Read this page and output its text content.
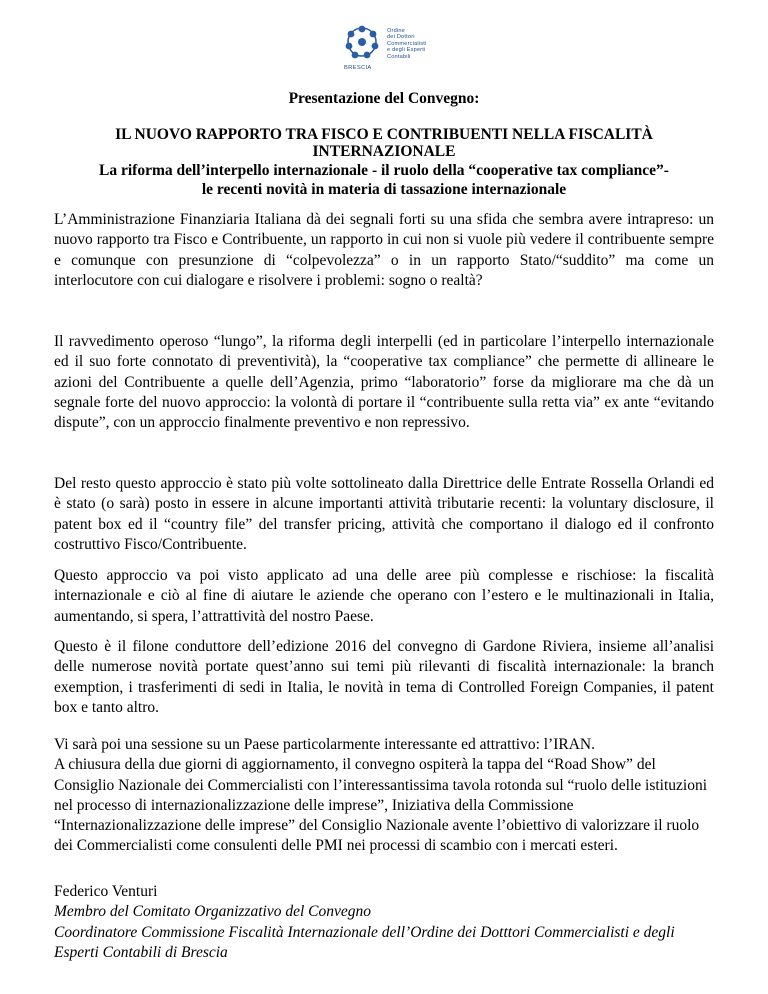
Ordine
dei Dottori
Commercialisti
e degli Esperti
Contabili
BRESCIA
Presentazione del Convegno:
IL NUOVO RAPPORTO TRA FISCO E CONTRIBUENTI NELLA FISCALITÀ INTERNAZIONALE
La riforma dell’interpello internazionale - il ruolo della “cooperative tax compliance”-
le recenti novità in materia di tassazione internazionale

L’Amministrazione Finanziaria Italiana dà dei segnali forti su una sfida che sembra avere intrapreso: un nuovo rapporto tra Fisco e Contribuente, un rapporto in cui non si vuole più vedere il contribuente sempre e comunque con presunzione di “colpevolezza” o in un rapporto Stato/“suddito” ma come un interlocutore con cui dialogare e risolvere i problemi: sogno o realtà?

Il ravvedimento operoso “lungo”, la riforma degli interpelli (ed in particolare l’interpello internazionale ed il suo forte connotato di preventività), la “cooperative tax compliance” che permette di allineare le azioni del Contribuente a quelle dell’Agenzia, primo “laboratorio” forse da migliorare ma che dà un segnale forte del nuovo approccio: la volontà di portare il “contribuente sulla retta via” ex ante “evitando dispute”, con un approccio finalmente preventivo e non repressivo.

Del resto questo approccio è stato più volte sottolineato dalla Direttrice delle Entrate Rossella Orlandi ed è stato (o sarà) posto in essere in alcune importanti attività tributarie recenti: la voluntary disclosure, il patent box ed il “country file” del transfer pricing, attività che comportano il dialogo ed il confronto costruttivo Fisco/Contribuente.

Questo approccio va poi visto applicato ad una delle aree più complesse e rischiose: la fiscalità internazionale e ciò al fine di aiutare le aziende che operano con l’estero e le multinazionali in Italia, aumentando, si spera, l’attrattività del nostro Paese.

Questo è il filone conduttore dell’edizione 2016 del convegno di Gardone Riviera, insieme all’analisi delle numerose novità portate quest’anno sui temi più rilevanti di fiscalità internazionale: la branch exemption, i trasferimenti di sedi in Italia, le novità in tema di Controlled Foreign Companies, il patent box e tanto altro.

Vi sarà poi una sessione su un Paese particolarmente interessante ed attrattivo: l’IRAN.

A chiusura della due giorni di aggiornamento, il convegno ospiterà la tappa del “Road Show” del Consiglio Nazionale dei Commercialisti con l’interessantissima tavola rotonda sul “ruolo delle istituzioni nel processo di internazionalizzazione delle imprese”, Iniziativa della Commissione “Internazionalizzazione delle imprese” del Consiglio Nazionale avente l’obiettivo di valorizzare il ruolo dei Commercialisti come consulenti delle PMI nei processi di scambio con i mercati esteri.

Federico Venturi

Membro del Comitato Organizzativo del Convegno

Coordinatore Commissione Fiscalità Internazionale dell’Ordine dei Dotttori Commercialisti e degli Esperti Contabili di Brescia
